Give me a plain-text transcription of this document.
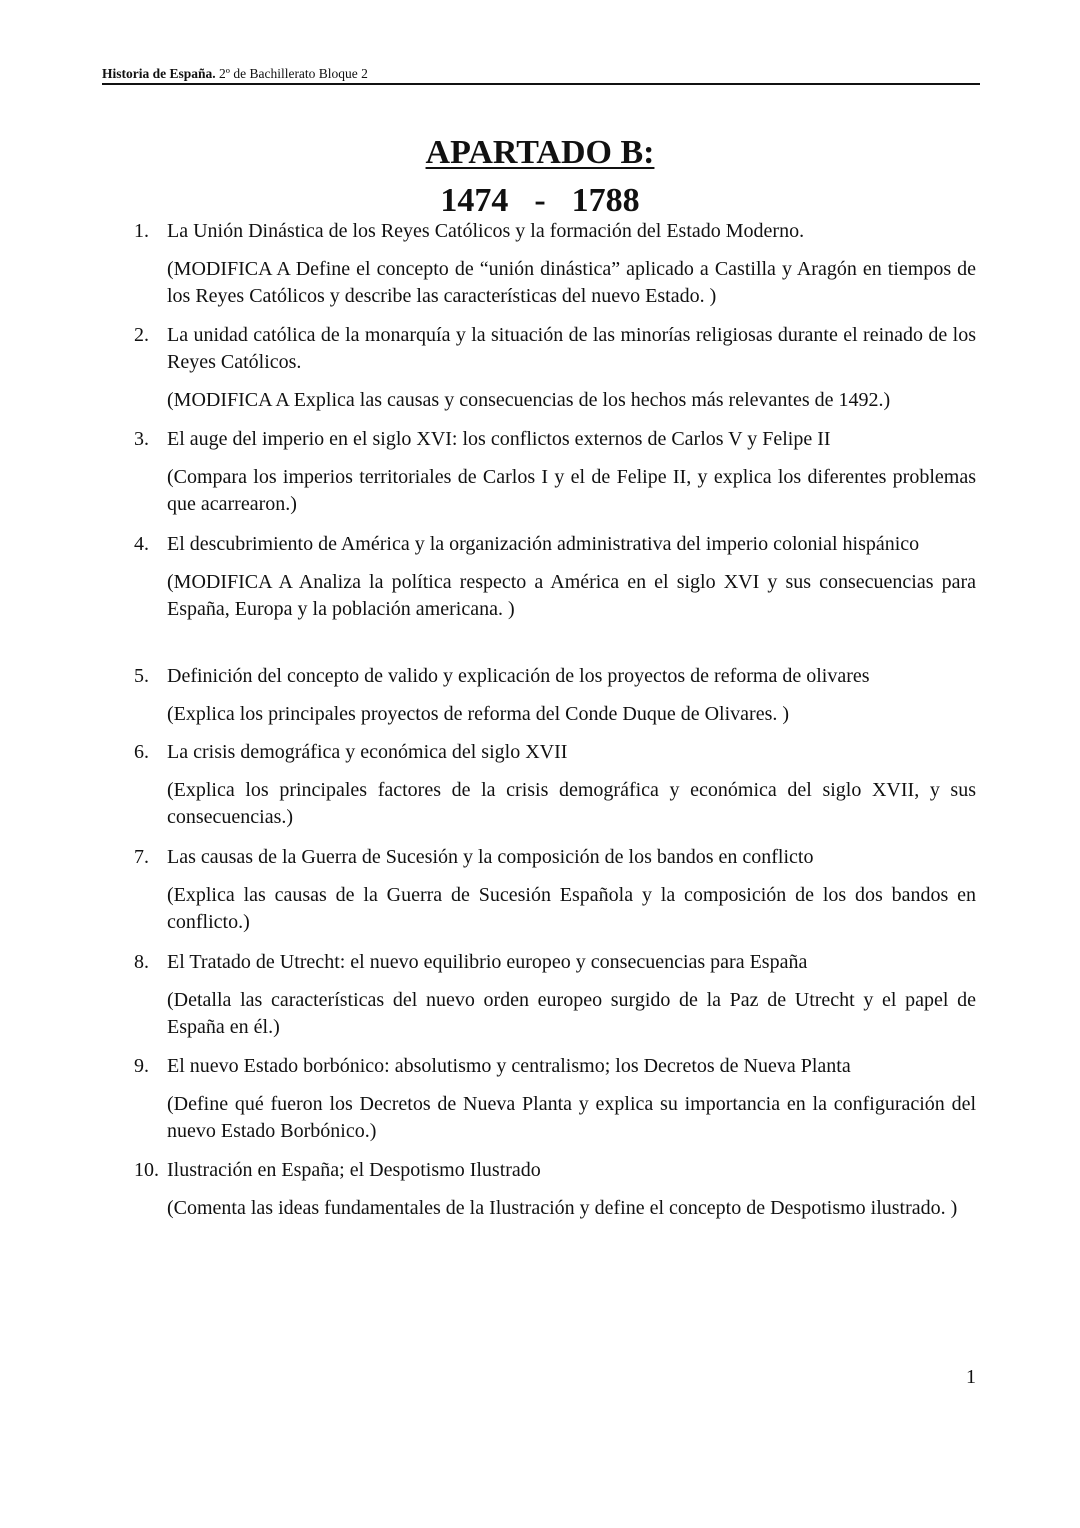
Historia de España. 2º de Bachillerato Bloque 2
APARTADO B:
1474 - 1788
1. La Unión Dinástica de los Reyes Católicos y la formación del Estado Moderno.
(MODIFICA A Define el concepto de “unión dinástica” aplicado a Castilla y Aragón en tiempos de los Reyes Católicos y describe las características del nuevo Estado. )
2. La unidad católica de la monarquía y la situación de las minorías religiosas durante el reinado de los Reyes Católicos.
(MODIFICA A Explica las causas y consecuencias de los hechos más relevantes de 1492.)
3. El auge del imperio en el siglo XVI: los conflictos externos de Carlos V y Felipe II
(Compara los imperios territoriales de Carlos I y el de Felipe II, y explica los diferentes problemas que acarrearon.)
4. El descubrimiento de América y la organización administrativa del imperio colonial hispánico
(MODIFICA A Analiza la política respecto a América en el siglo XVI y sus consecuencias para España, Europa y la población americana. )
5. Definición del concepto de valido y explicación de los proyectos de reforma de olivares
(Explica los principales proyectos de reforma del Conde Duque de Olivares. )
6. La crisis demográfica y económica del siglo XVII
(Explica los principales factores de la crisis demográfica y económica del siglo XVII, y sus consecuencias.)
7. Las causas de la Guerra de Sucesión y la composición de los bandos en conflicto
(Explica las causas de la Guerra de Sucesión Española y la composición de los dos bandos en conflicto.)
8. El Tratado de Utrecht: el nuevo equilibrio europeo y consecuencias para España
(Detalla las características del nuevo orden europeo surgido de la Paz de Utrecht y el papel de España en él.)
9. El nuevo Estado borbónico: absolutismo y centralismo; los Decretos de Nueva Planta
(Define qué fueron los Decretos de Nueva Planta y explica su importancia en la configuración del nuevo Estado Borbónico.)
10. Ilustración en España; el Despotismo Ilustrado
(Comenta las ideas fundamentales de la Ilustración y define el concepto de Despotismo ilustrado. )
1
